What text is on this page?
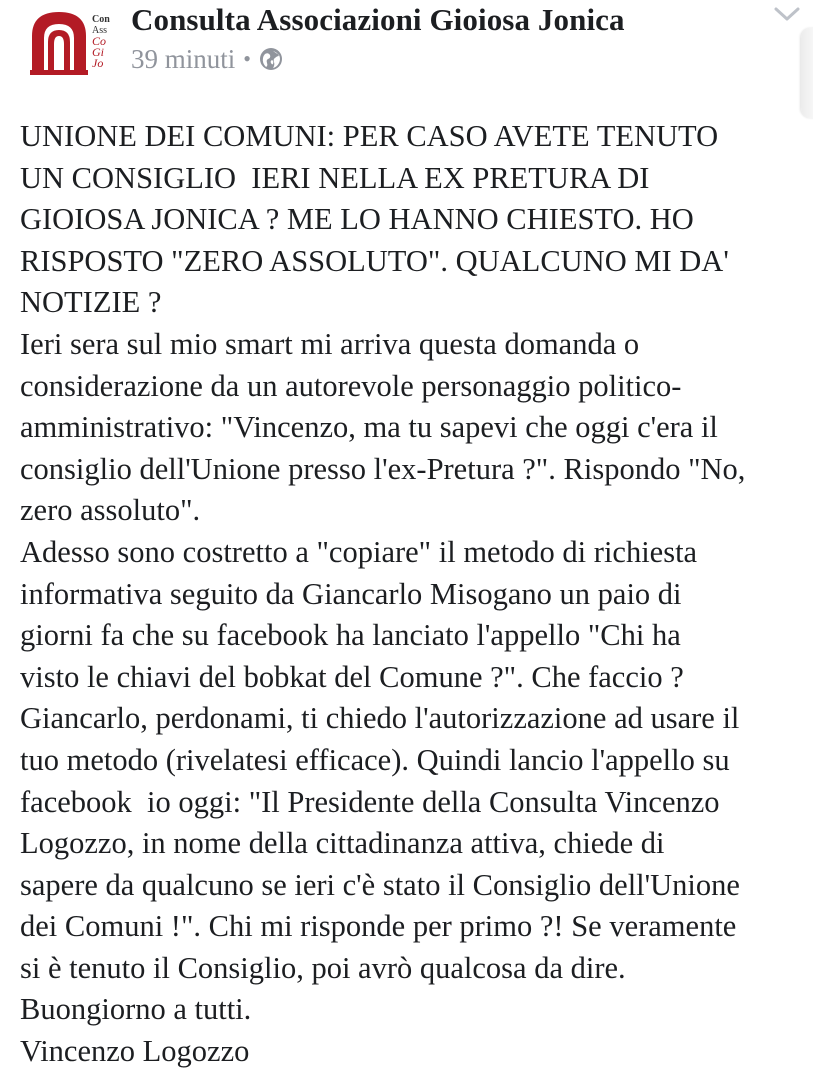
Con
Ass
Co
Gi
Jo
Consulta Associazioni Gioiosa Jonica
39 minuti •

UNIONE DEI COMUNI: PER CASO AVETE TENUTO

UN CONSIGLIO  IERI NELLA EX PRETURA DI

GIOIOSA JONICA ? ME LO HANNO CHIESTO. HO

RISPOSTO "ZERO ASSOLUTO". QUALCUNO MI DA'

NOTIZIE ?

Ieri sera sul mio smart mi arriva questa domanda o

considerazione da un autorevole personaggio politico-

amministrativo: "Vincenzo, ma tu sapevi che oggi c'era il

consiglio dell'Unione presso l'ex-Pretura ?". Rispondo "No,

zero assoluto".

Adesso sono costretto a "copiare" il metodo di richiesta

informativa seguito da Giancarlo Misogano un paio di

giorni fa che su facebook ha lanciato l'appello "Chi ha

visto le chiavi del bobkat del Comune ?". Che faccio ?

Giancarlo, perdonami, ti chiedo l'autorizzazione ad usare il

tuo metodo (rivelatesi efficace). Quindi lancio l'appello su

facebook  io oggi: "Il Presidente della Consulta Vincenzo

Logozzo, in nome della cittadinanza attiva, chiede di

sapere da qualcuno se ieri c'è stato il Consiglio dell'Unione

dei Comuni !". Chi mi risponde per primo ?! Se veramente

si è tenuto il Consiglio, poi avrò qualcosa da dire.

Buongiorno a tutti.

Vincenzo Logozzo
